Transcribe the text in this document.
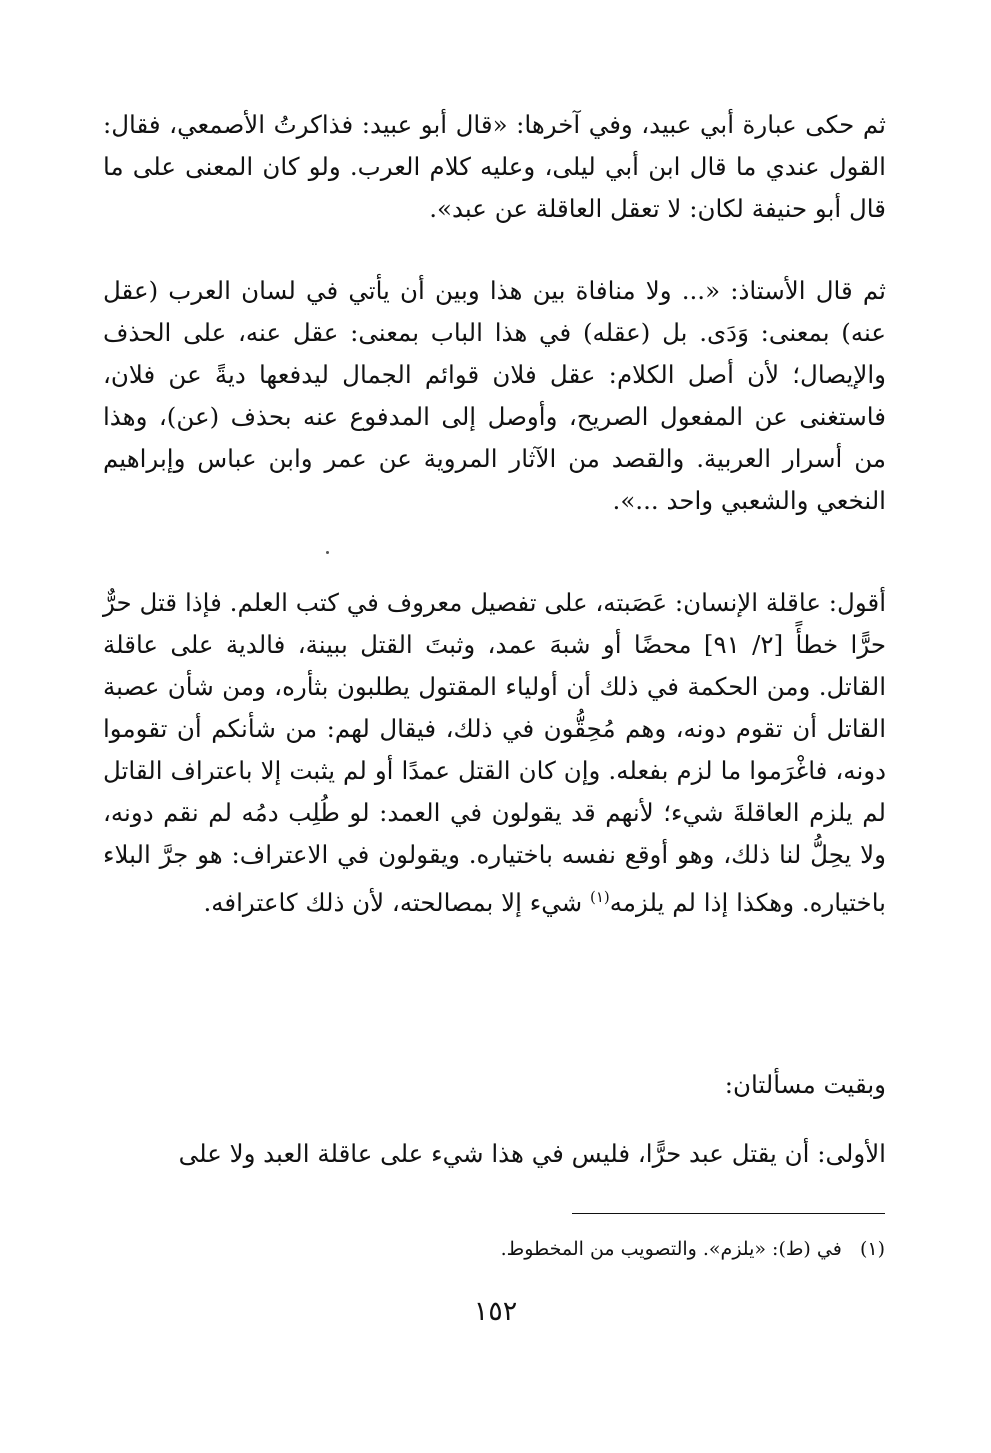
ثم حكى عبارة أبي عبيد، وفي آخرها: «قال أبو عبيد: فذاكرتُ الأصمعي، فقال: القول عندي ما قال ابن أبي ليلى، وعليه كلام العرب. ولو كان المعنى على ما قال أبو حنيفة لكان: لا تعقل العاقلة عن عبد».

ثم قال الأستاذ: «... ولا منافاة بين هذا وبين أن يأتي في لسان العرب (عقل عنه) بمعنى: وَدَى. بل (عقله) في هذا الباب بمعنى: عقل عنه، على الحذف والإيصال؛ لأن أصل الكلام: عقل فلان قوائم الجمال ليدفعها ديةً عن فلان، فاستغنى عن المفعول الصريح، وأوصل إلى المدفوع عنه بحذف (عن)، وهذا من أسرار العربية. والقصد من الآثار المروية عن عمر وابن عباس وإبراهيم النخعي والشعبي واحد ...».

أقول: عاقلة الإنسان: عَصَبته، على تفصيل معروف في كتب العلم. فإذا قتل حرٌّ حرًّا خطأً [٢/ ٩١] محضًا أو شبهَ عمد، وثبتَ القتل ببينة، فالدية على عاقلة القاتل. ومن الحكمة في ذلك أن أولياء المقتول يطلبون بثأره، ومن شأن عصبة القاتل أن تقوم دونه، وهم مُحِقُّون في ذلك، فيقال لهم: من شأنكم أن تقوموا دونه، فاغْرَموا ما لزم بفعله. وإن كان القتل عمدًا أو لم يثبت إلا باعتراف القاتل لم يلزم العاقلةَ شيء؛ لأنهم قد يقولون في العمد: لو طُلِب دمُه لم نقم دونه، ولا يحِلُّ لنا ذلك، وهو أوقع نفسه باختياره. ويقولون في الاعتراف: هو جرَّ البلاء باختياره. وهكذا إذا لم يلزمه$^{(١)}$ شيء إلا بمصالحته، لأن ذلك كاعترافه.

وبقيت مسألتان:

الأولى: أن يقتل عبد حرًّا، فليس في هذا شيء على عاقلة العبد ولا على

(١)   في (ط): «يلزم». والتصويب من المخطوط.

١٥٢
